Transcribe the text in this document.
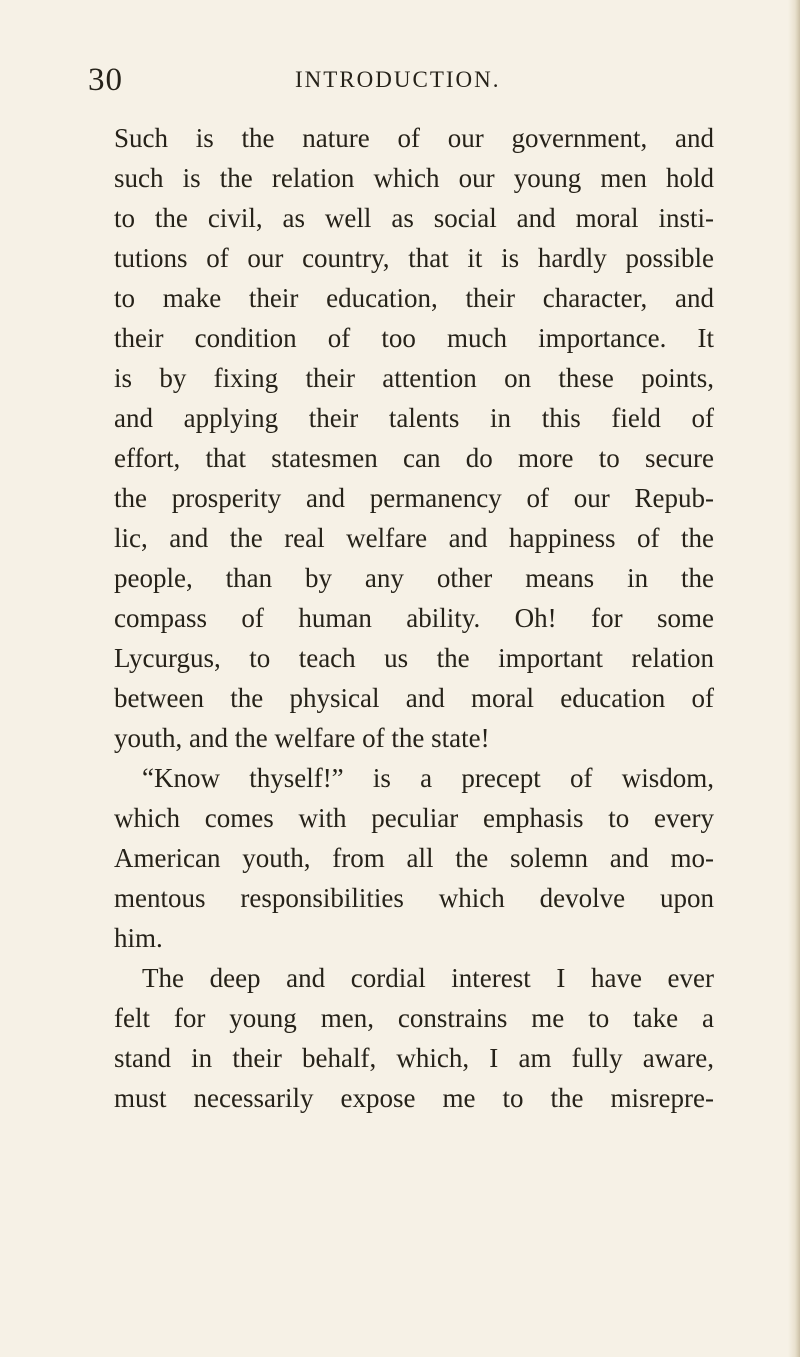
30	INTRODUCTION.
Such is the nature of our government, and
such is the relation which our young men hold
to the civil, as well as social and moral insti-
tutions of our country, that it is hardly possible
to make their education, their character, and
their condition of too much importance. It
is by fixing their attention on these points,
and applying their talents in this field of
effort, that statesmen can do more to secure
the prosperity and permanency of our Repub-
lic, and the real welfare and happiness of the
people, than by any other means in the
compass of human ability. Oh! for some
Lycurgus, to teach us the important relation
between the physical and moral education of
youth, and the welfare of the state!
“Know thyself!” is a precept of wisdom,
which comes with peculiar emphasis to every
American youth, from all the solemn and mo-
mentous responsibilities which devolve upon
him.
The deep and cordial interest I have ever
felt for young men, constrains me to take a
stand in their behalf, which, I am fully aware,
must necessarily expose me to the misrepre-
